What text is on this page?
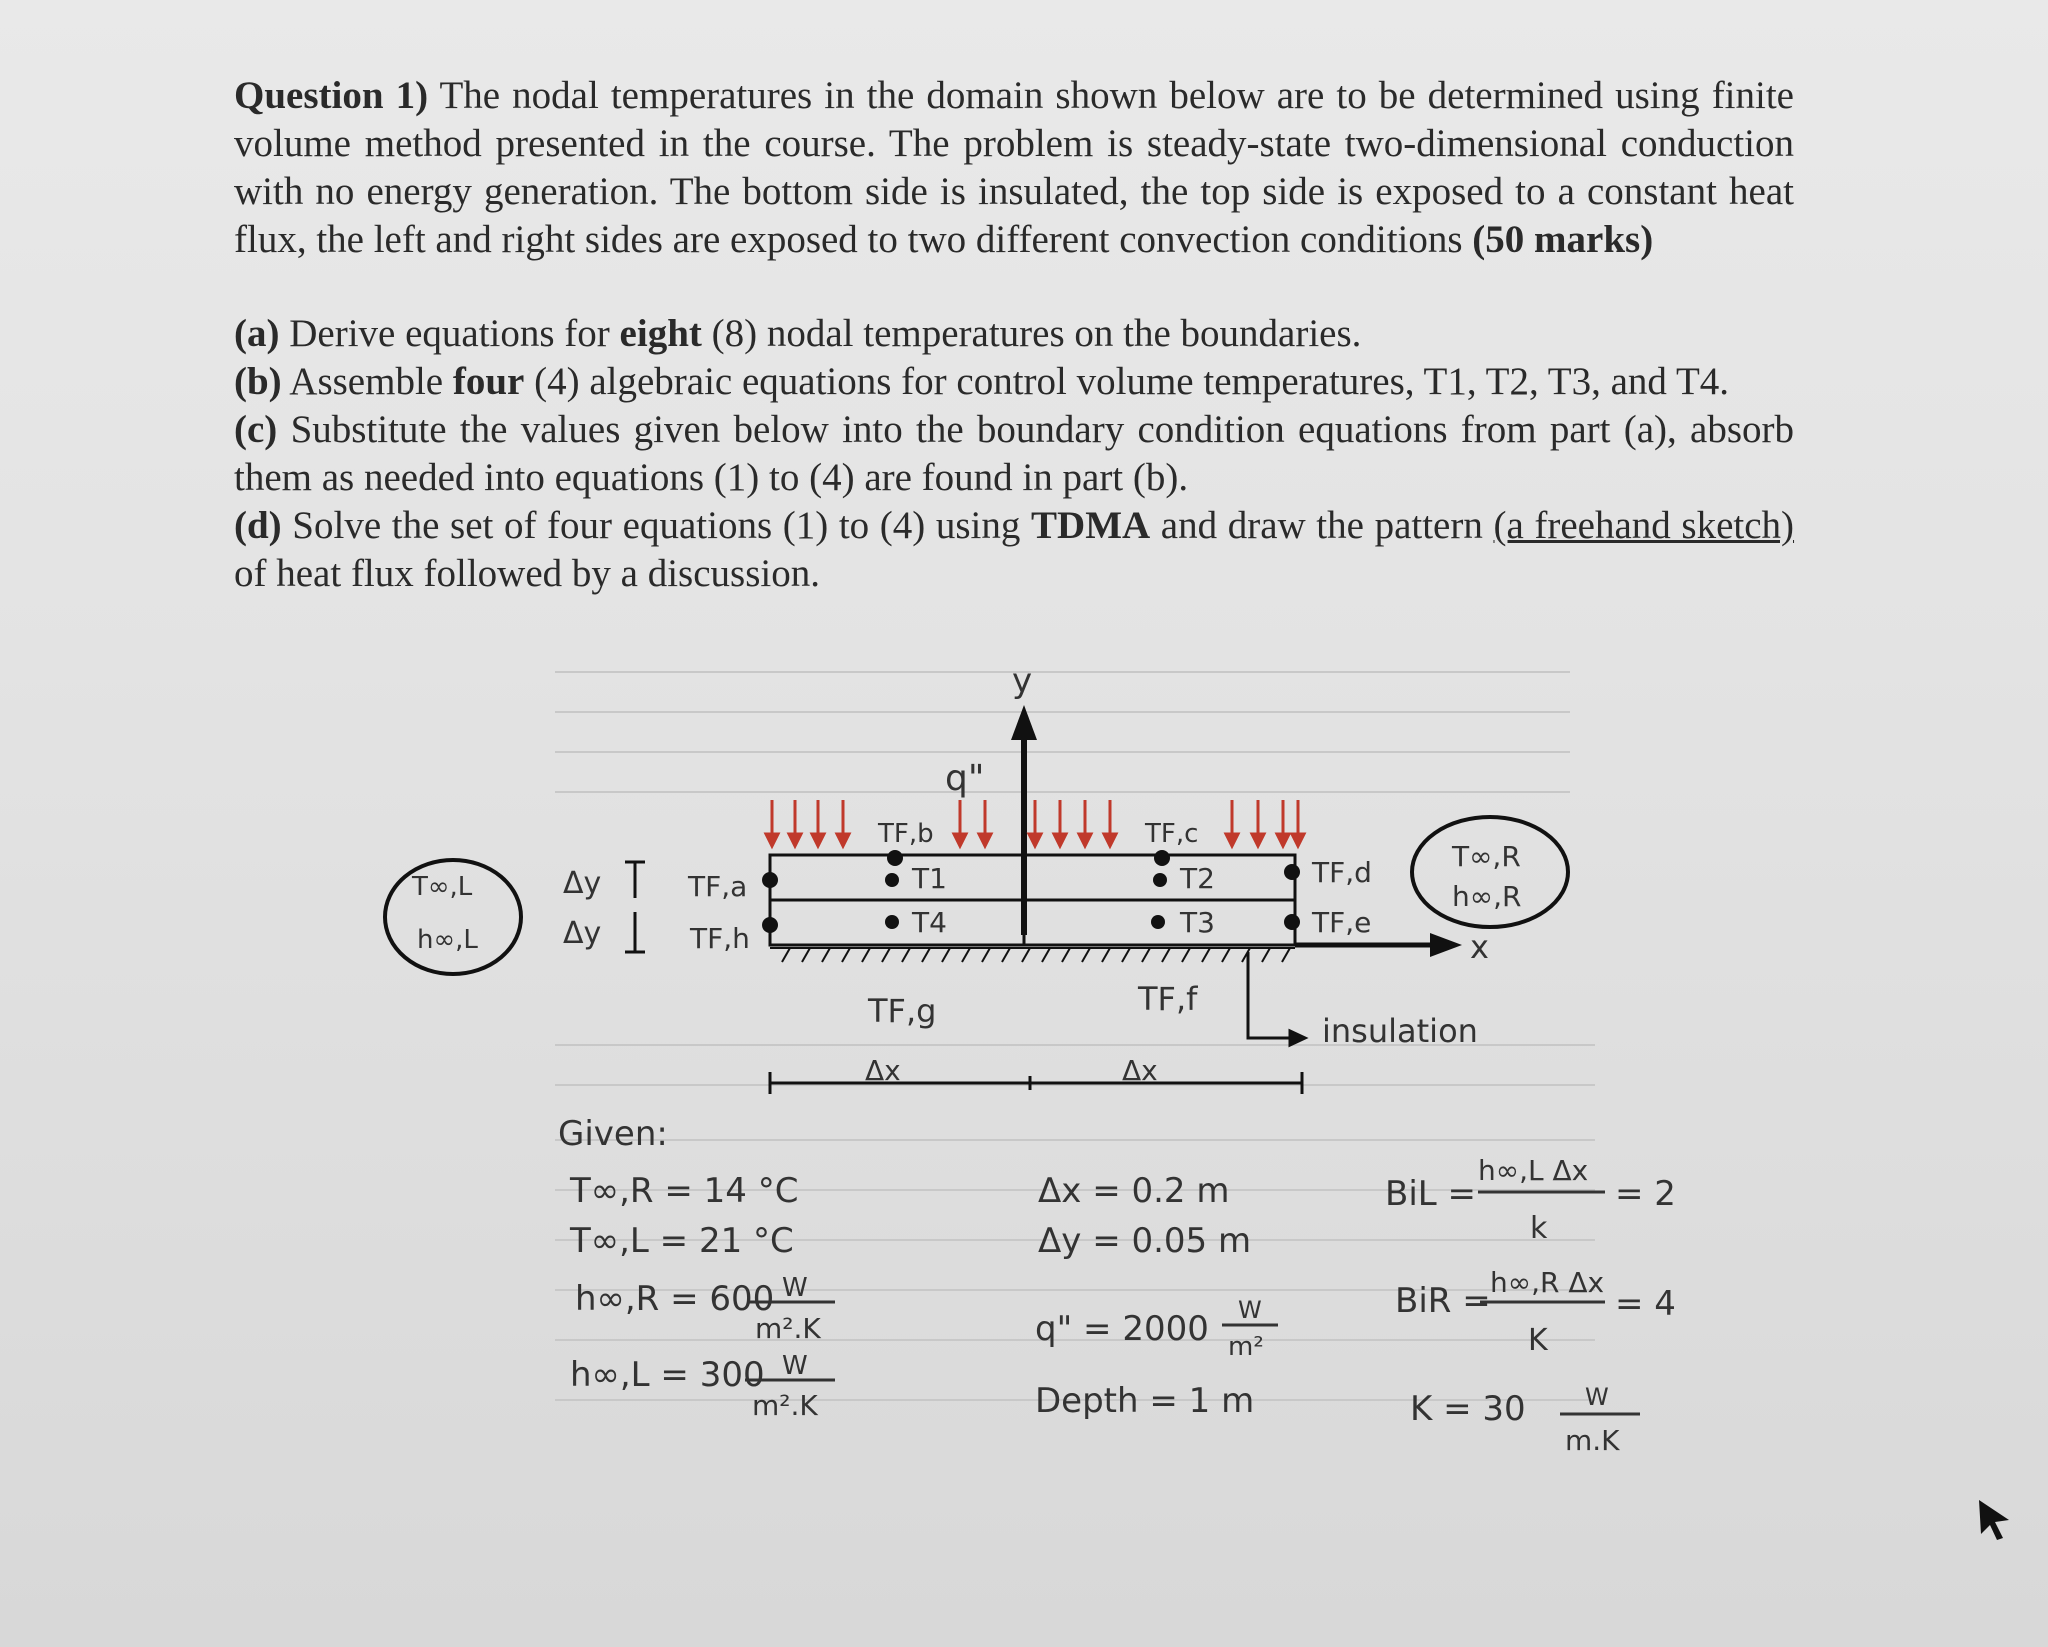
Question 1) The nodal temperatures in the domain shown below are to be determined using finite volume method presented in the course. The problem is steady-state two-dimensional conduction with no energy generation. The bottom side is insulated, the top side is exposed to a constant heat flux, the left and right sides are exposed to two different convection conditions (50 marks)

(a) Derive equations for eight (8) nodal temperatures on the boundaries.

(b) Assemble four (4) algebraic equations for control volume temperatures, T1, T2, T3, and T4.

(c) Substitute the values given below into the boundary condition equations from part (a), absorb them as needed into equations (1) to (4) are found in part (b).

(d) Solve the set of four equations (1) to (4) using TDMA and draw the pattern (a freehand sketch) of heat flux followed by a discussion.

y
q"
TF,b	TF,c
x
T1	T2
T3
T4
TF,a
TF,h
TF,d
TF,e
TF,g	TF,f
Δy
Δy
T∞,L
h∞,L
T∞,R
h∞,R
insulation
Δx	Δx
Given:
T∞,R = 14 °C
T∞,L = 21 °C
h∞,R = 600
h∞,L = 300
W
m².K
W
m².K
Δx = 0.2 m
Δy = 0.05 m
q" = 2000 W
m²
Depth = 1 m
BiL =
h∞,L Δx
k
= 2
BiR = h∞,R Δx
K
= 4
K = 30 W
m.K
